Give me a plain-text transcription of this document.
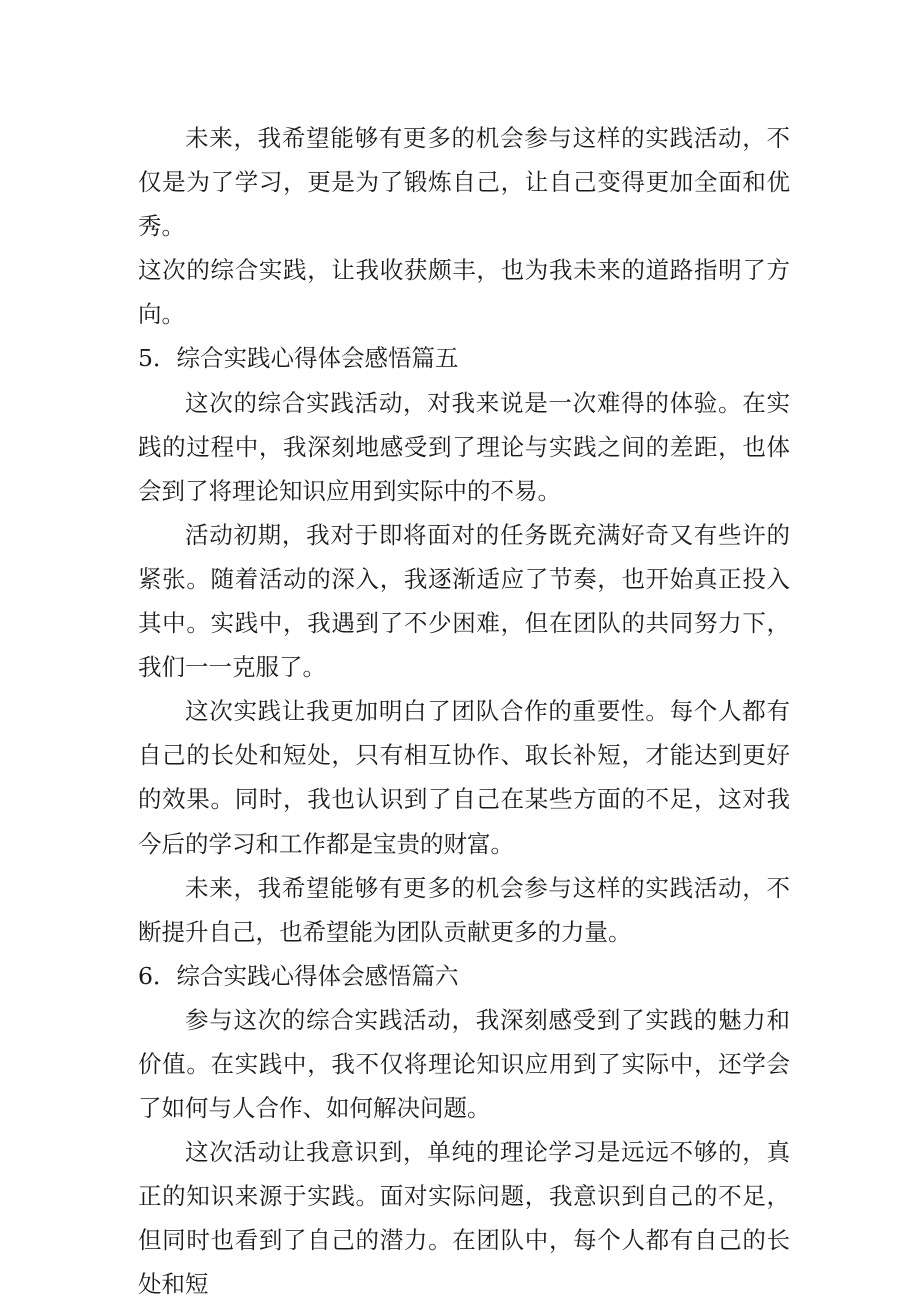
未来，我希望能够有更多的机会参与这样的实践活动，不仅是为了学习，更是为了锻炼自己，让自己变得更加全面和优秀。

这次的综合实践，让我收获颇丰，也为我未来的道路指明了方向。

5．综合实践心得体会感悟篇五

这次的综合实践活动，对我来说是一次难得的体验。在实践的过程中，我深刻地感受到了理论与实践之间的差距，也体会到了将理论知识应用到实际中的不易。

活动初期，我对于即将面对的任务既充满好奇又有些许的紧张。随着活动的深入，我逐渐适应了节奏，也开始真正投入其中。实践中，我遇到了不少困难，但在团队的共同努力下，我们一一克服了。

这次实践让我更加明白了团队合作的重要性。每个人都有自己的长处和短处，只有相互协作、取长补短，才能达到更好的效果。同时，我也认识到了自己在某些方面的不足，这对我今后的学习和工作都是宝贵的财富。

未来，我希望能够有更多的机会参与这样的实践活动，不断提升自己，也希望能为团队贡献更多的力量。

6．综合实践心得体会感悟篇六

参与这次的综合实践活动，我深刻感受到了实践的魅力和价值。在实践中，我不仅将理论知识应用到了实际中，还学会了如何与人合作、如何解决问题。

这次活动让我意识到，单纯的理论学习是远远不够的，真正的知识来源于实践。面对实际问题，我意识到自己的不足，但同时也看到了自己的潜力。在团队中，每个人都有自己的长处和短
